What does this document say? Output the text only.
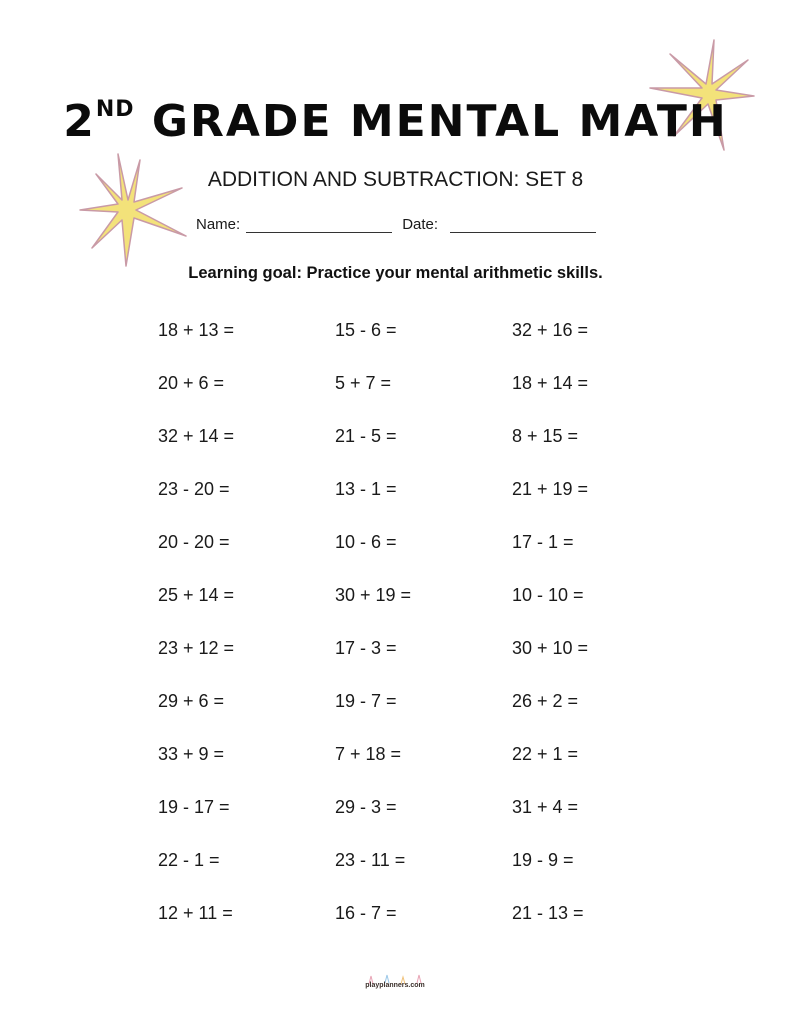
2ND GRADE MENTAL MATH
ADDITION AND SUBTRACTION: SET 8
Name:	Date:
Learning goal: Practice your mental arithmetic skills.
18 + 13 =	15 - 6 =	32 + 16 =
20 + 6 =	5 + 7 =	18 + 14 =
32 + 14 =	21 - 5 =	8 + 15 =
23 - 20 =	13 - 1 =	21 + 19 =
20 - 20 =	10 - 6 =	17 - 1 =
25 + 14 =	30 + 19 =	10 - 10 =
23 + 12 =	17 - 3 =	30 + 10 =
29 + 6 =	19 - 7 =	26 + 2 =
33 + 9 =	7 + 18 =	22 + 1 =
19 - 17 =	29 - 3 =	31 + 4 =
22 - 1 =	23 - 11 =	19 - 9 =
12 + 11 =	16 - 7 =	21 - 13 =
playplanners.com
